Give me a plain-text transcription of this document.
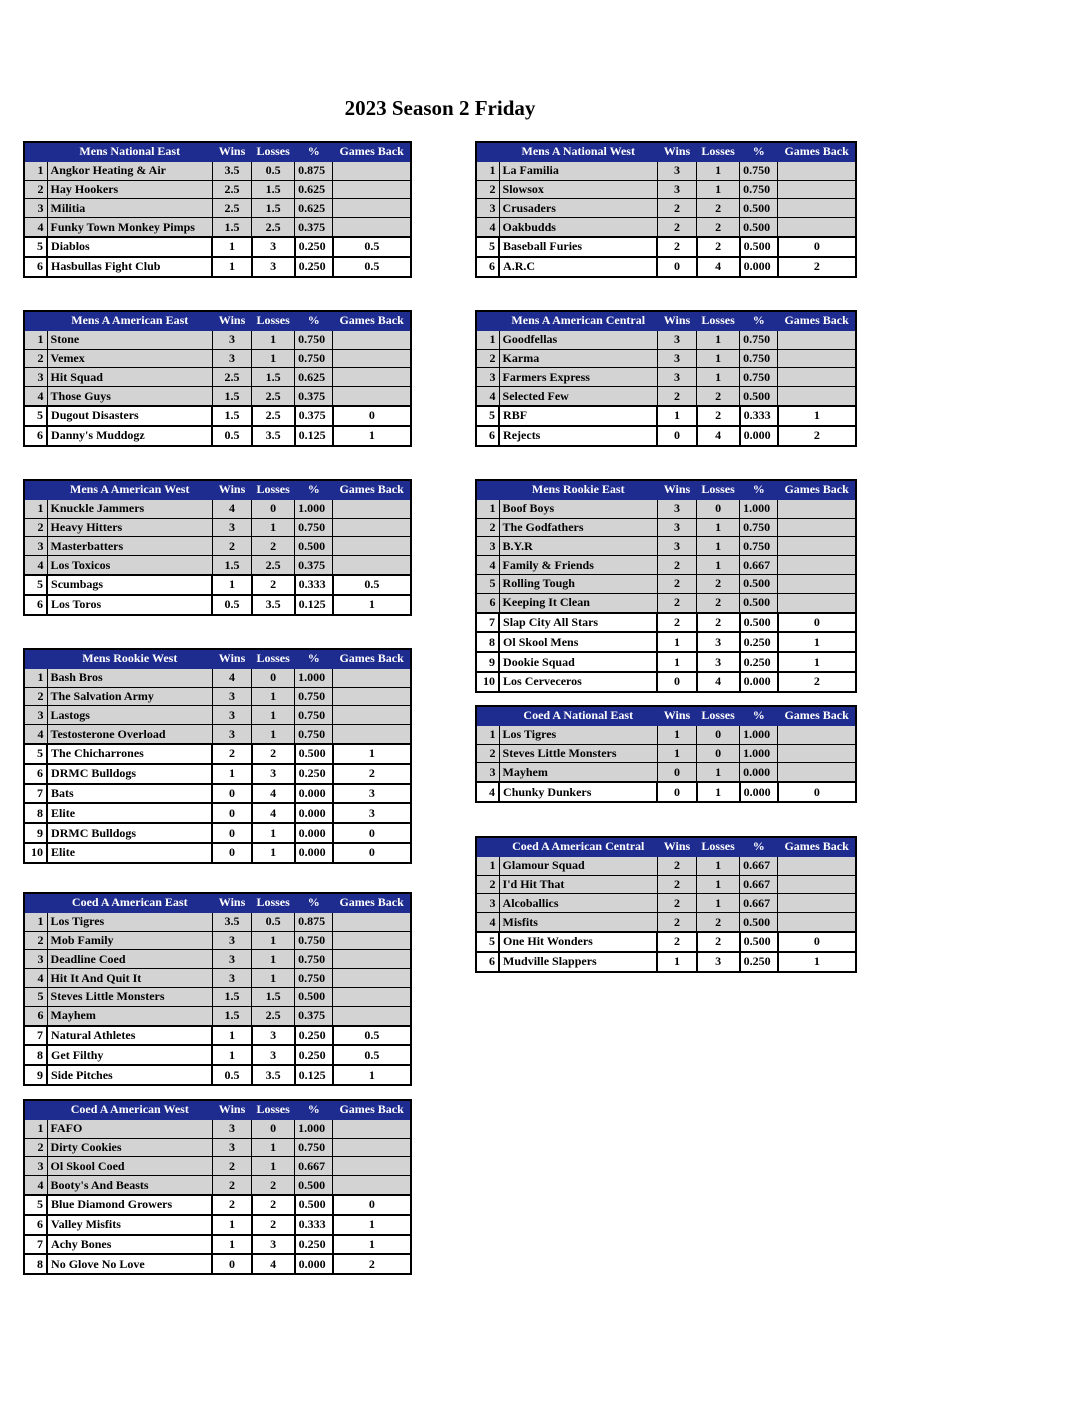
2023 Season 2 Friday
	Mens National East	Wins	Losses	%	Games Back
1	Angkor Heating & Air	3.5	0.5	0.875	
2	Hay Hookers	2.5	1.5	0.625	
3	Militia	2.5	1.5	0.625	
4	Funky Town Monkey Pimps	1.5	2.5	0.375	
5	Diablos	1	3	0.250	0.5
6	Hasbullas Fight Club	1	3	0.250	0.5
	Mens A National West	Wins	Losses	%	Games Back
1	La Familia	3	1	0.750	
2	Slowsox	3	1	0.750	
3	Crusaders	2	2	0.500	
4	Oakbudds	2	2	0.500	
5	Baseball Furies	2	2	0.500	0
6	A.R.C	0	4	0.000	2
	Mens A American East	Wins	Losses	%	Games Back
1	Stone	3	1	0.750	
2	Vemex	3	1	0.750	
3	Hit Squad	2.5	1.5	0.625	
4	Those Guys	1.5	2.5	0.375	
5	Dugout Disasters	1.5	2.5	0.375	0
6	Danny's Muddogz	0.5	3.5	0.125	1
	Mens A American Central	Wins	Losses	%	Games Back
1	Goodfellas	3	1	0.750	
2	Karma	3	1	0.750	
3	Farmers Express	3	1	0.750	
4	Selected Few	2	2	0.500	
5	RBF	1	2	0.333	1
6	Rejects	0	4	0.000	2
	Mens A American West	Wins	Losses	%	Games Back
1	Knuckle Jammers	4	0	1.000	
2	Heavy Hitters	3	1	0.750	
3	Masterbatters	2	2	0.500	
4	Los Toxicos	1.5	2.5	0.375	
5	Scumbags	1	2	0.333	0.5
6	Los Toros	0.5	3.5	0.125	1
	Mens Rookie East	Wins	Losses	%	Games Back
1	Boof Boys	3	0	1.000	
2	The Godfathers	3	1	0.750	
3	B.Y.R	3	1	0.750	
4	Family & Friends	2	1	0.667	
5	Rolling Tough	2	2	0.500	
6	Keeping It Clean	2	2	0.500	
7	Slap City All Stars	2	2	0.500	0
8	Ol Skool Mens	1	3	0.250	1
9	Dookie Squad	1	3	0.250	1
10	Los Cerveceros	0	4	0.000	2
	Mens Rookie West	Wins	Losses	%	Games Back
1	Bash Bros	4	0	1.000	
2	The Salvation Army	3	1	0.750	
3	Lastogs	3	1	0.750	
4	Testosterone Overload	3	1	0.750	
5	The Chicharrones	2	2	0.500	1
6	DRMC Bulldogs	1	3	0.250	2
7	Bats	0	4	0.000	3
8	Elite	0	4	0.000	3
9	DRMC Bulldogs	0	1	0.000	0
10	Elite	0	1	0.000	0
	Coed A National East	Wins	Losses	%	Games Back
1	Los Tigres	1	0	1.000	
2	Steves Little Monsters	1	0	1.000	
3	Mayhem	0	1	0.000	
4	Chunky Dunkers	0	1	0.000	0
	Coed A American Central	Wins	Losses	%	Games Back
1	Glamour Squad	2	1	0.667	
2	I'd Hit That	2	1	0.667	
3	Alcoballics	2	1	0.667	
4	Misfits	2	2	0.500	
5	One Hit Wonders	2	2	0.500	0
6	Mudville Slappers	1	3	0.250	1
	Coed A American East	Wins	Losses	%	Games Back
1	Los Tigres	3.5	0.5	0.875	
2	Mob Family	3	1	0.750	
3	Deadline Coed	3	1	0.750	
4	Hit It And Quit It	3	1	0.750	
5	Steves Little Monsters	1.5	1.5	0.500	
6	Mayhem	1.5	2.5	0.375	
7	Natural Athletes	1	3	0.250	0.5
8	Get Filthy	1	3	0.250	0.5
9	Side Pitches	0.5	3.5	0.125	1
	Coed A American West	Wins	Losses	%	Games Back
1	FAFO	3	0	1.000	
2	Dirty Cookies	3	1	0.750	
3	Ol Skool Coed	2	1	0.667	
4	Booty's And Beasts	2	2	0.500	
5	Blue Diamond Growers	2	2	0.500	0
6	Valley Misfits	1	2	0.333	1
7	Achy Bones	1	3	0.250	1
8	No Glove No Love	0	4	0.000	2
